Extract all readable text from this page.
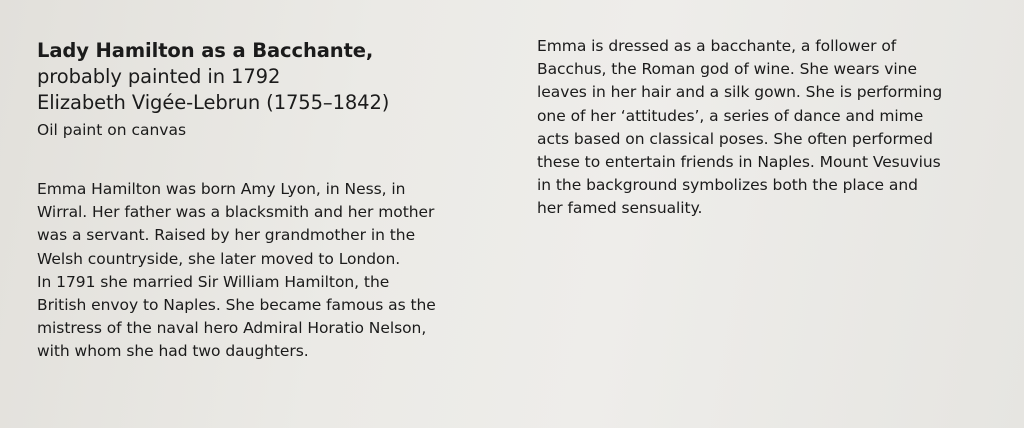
Lady Hamilton as a Bacchante,

probably painted in 1792

Elizabeth Vigée-Lebrun (1755–1842)

Oil paint on canvas

Emma Hamilton was born Amy Lyon, in Ness, in
Wirral. Her father was a blacksmith and her mother
was a servant. Raised by her grandmother in the
Welsh countryside, she later moved to London.
In 1791 she married Sir William Hamilton, the
British envoy to Naples. She became famous as the
mistress of the naval hero Admiral Horatio Nelson,
with whom she had two daughters.

Emma is dressed as a bacchante, a follower of
Bacchus, the Roman god of wine. She wears vine
leaves in her hair and a silk gown. She is performing
one of her ‘attitudes’, a series of dance and mime
acts based on classical poses. She often performed
these to entertain friends in Naples. Mount Vesuvius
in the background symbolizes both the place and
her famed sensuality.
